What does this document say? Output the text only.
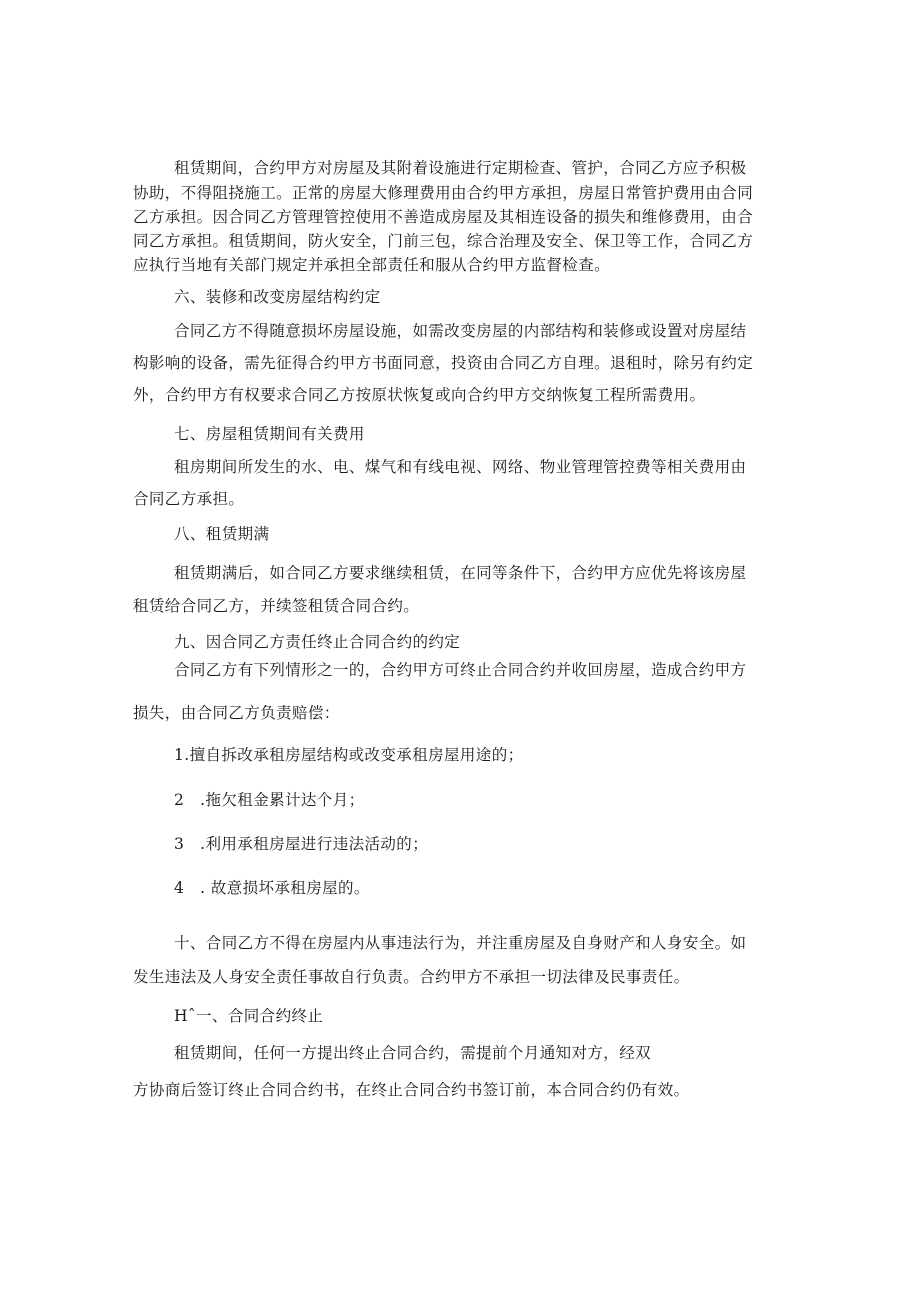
租赁期间，合约甲方对房屋及其附着设施进行定期检查、管护，合同乙方应予积极
协助，不得阻挠施工。正常的房屋大修理费用由合约甲方承担，房屋日常管护费用由合同
乙方承担。因合同乙方管理管控使用不善造成房屋及其相连设备的损失和维修费用，由合
同乙方承担。租赁期间，防火安全，门前三包，综合治理及安全、保卫等工作，合同乙方
应执行当地有关部门规定并承担全部责任和服从合约甲方监督检查。
六、装修和改变房屋结构约定
合同乙方不得随意损坏房屋设施，如需改变房屋的内部结构和装修或设置对房屋结
构影响的设备，需先征得合约甲方书面同意，投资由合同乙方自理。退租时，除另有约定
外，合约甲方有权要求合同乙方按原状恢复或向合约甲方交纳恢复工程所需费用。
七、房屋租赁期间有关费用
租房期间所发生的水、电、煤气和有线电视、网络、物业管理管控费等相关费用由
合同乙方承担。
八、租赁期满
租赁期满后，如合同乙方要求继续租赁，在同等条件下，合约甲方应优先将该房屋
租赁给合同乙方，并续签租赁合同合约。
九、因合同乙方责任终止合同合约的约定
合同乙方有下列情形之一的，合约甲方可终止合同合约并收回房屋，造成合约甲方
损失，由合同乙方负责赔偿：
1.擅自拆改承租房屋结构或改变承租房屋用途的；
2　.拖欠租金累计达个月；
3　.利用承租房屋进行违法活动的；
4　. 故意损坏承租房屋的。
十、合同乙方不得在房屋内从事违法行为，并注重房屋及自身财产和人身安全。如
发生违法及人身安全责任事故自行负责。合约甲方不承担一切法律及民事责任。
Hˆ一、合同合约终止
租赁期间，任何一方提出终止合同合约，需提前个月通知对方，经双
方协商后签订终止合同合约书，在终止合同合约书签订前，本合同合约仍有效。
